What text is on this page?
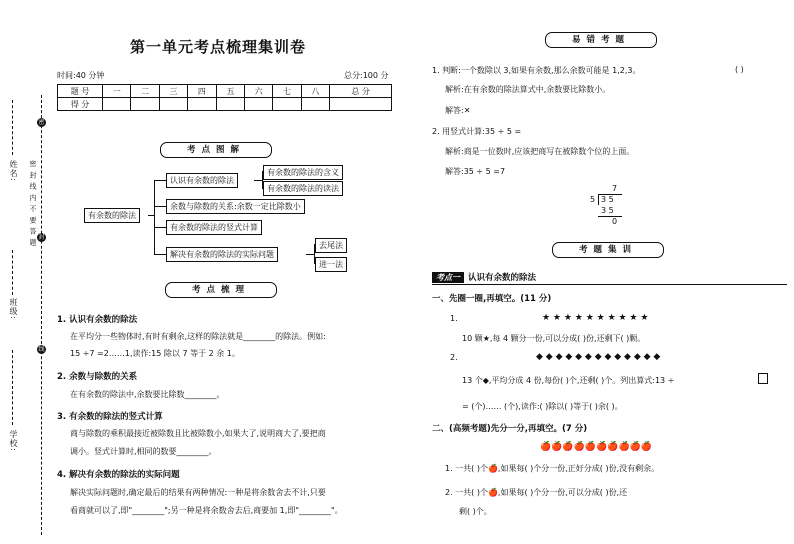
密
封
线
密 封 线 内 不 要 答 题
姓名:
班级:
学校:
第一单元考点梳理集训卷
时间:40 分钟	总分:100 分
题 号	一	二	三	四	五	六	七	八	总 分
得 分									
考点图解
有余数的除法
认识有余数的除法
有余数的除法的含义
有余数的除法的读法
余数与除数的关系:余数一定比除数小
有余数的除法的竖式计算
解决有余数的除法的实际问题
去尾法
进一法
考点梳理
1. 认识有余数的除法
在平均分一些物体时,有时有剩余,这样的除法就是________的除法。例如:
15 ÷7 =2……1,读作:15 除以 7 等于 2 余 1。
2. 余数与除数的关系
在有余数的除法中,余数要比除数________。
3. 有余数的除法的竖式计算
商与除数的乘积最接近被除数且比被除数小,如果大了,说明商大了,要把商
调小。竖式计算时,相同的数要________。
4. 解决有余数的除法的实际问题
解决实际问题时,确定最后的结果有两种情况:一种是将余数舍去不计,只要
看商就可以了,即"________";另一种是将余数舍去后,商要加 1,即"________"。
易错考题
1. 判断:一个数除以 3,如果有余数,那么余数可能是 1,2,3。	( )
解析:在有余数的除法算式中,余数要比除数小。
解答:✕
2. 用竖式计算:35 ÷ 5 =
解析:商是一位数时,应该把商写在被除数个位的上面。
解答:35 ÷ 5 =7
7
5 3 5
3 5
0
考题集训
考点一 认识有余数的除法
一、先圈一圈,再填空。(11 分)
1.	★ ★ ★ ★ ★ ★ ★ ★ ★ ★
10 颗★,每 4 颗分一份,可以分成( )份,还剩下( )颗。
2.	◆ ◆ ◆ ◆ ◆ ◆ ◆ ◆ ◆ ◆ ◆ ◆ ◆
13 个◆,平均分成 4 份,每份( )个,还剩( )个。列出算式:13 ÷
= (个)…… (个),读作:( )除以( )等于( )余( )。
二、(高频考题)先分一分,再填空。(7 分)
🍎🍎🍎🍎🍎🍎🍎🍎🍎🍎
1. 一共( )个🍎,如果每( )个分一份,正好分成( )份,没有剩余。
2. 一共( )个🍎,如果每( )个分一份,可以分成( )份,还
剩( )个。
